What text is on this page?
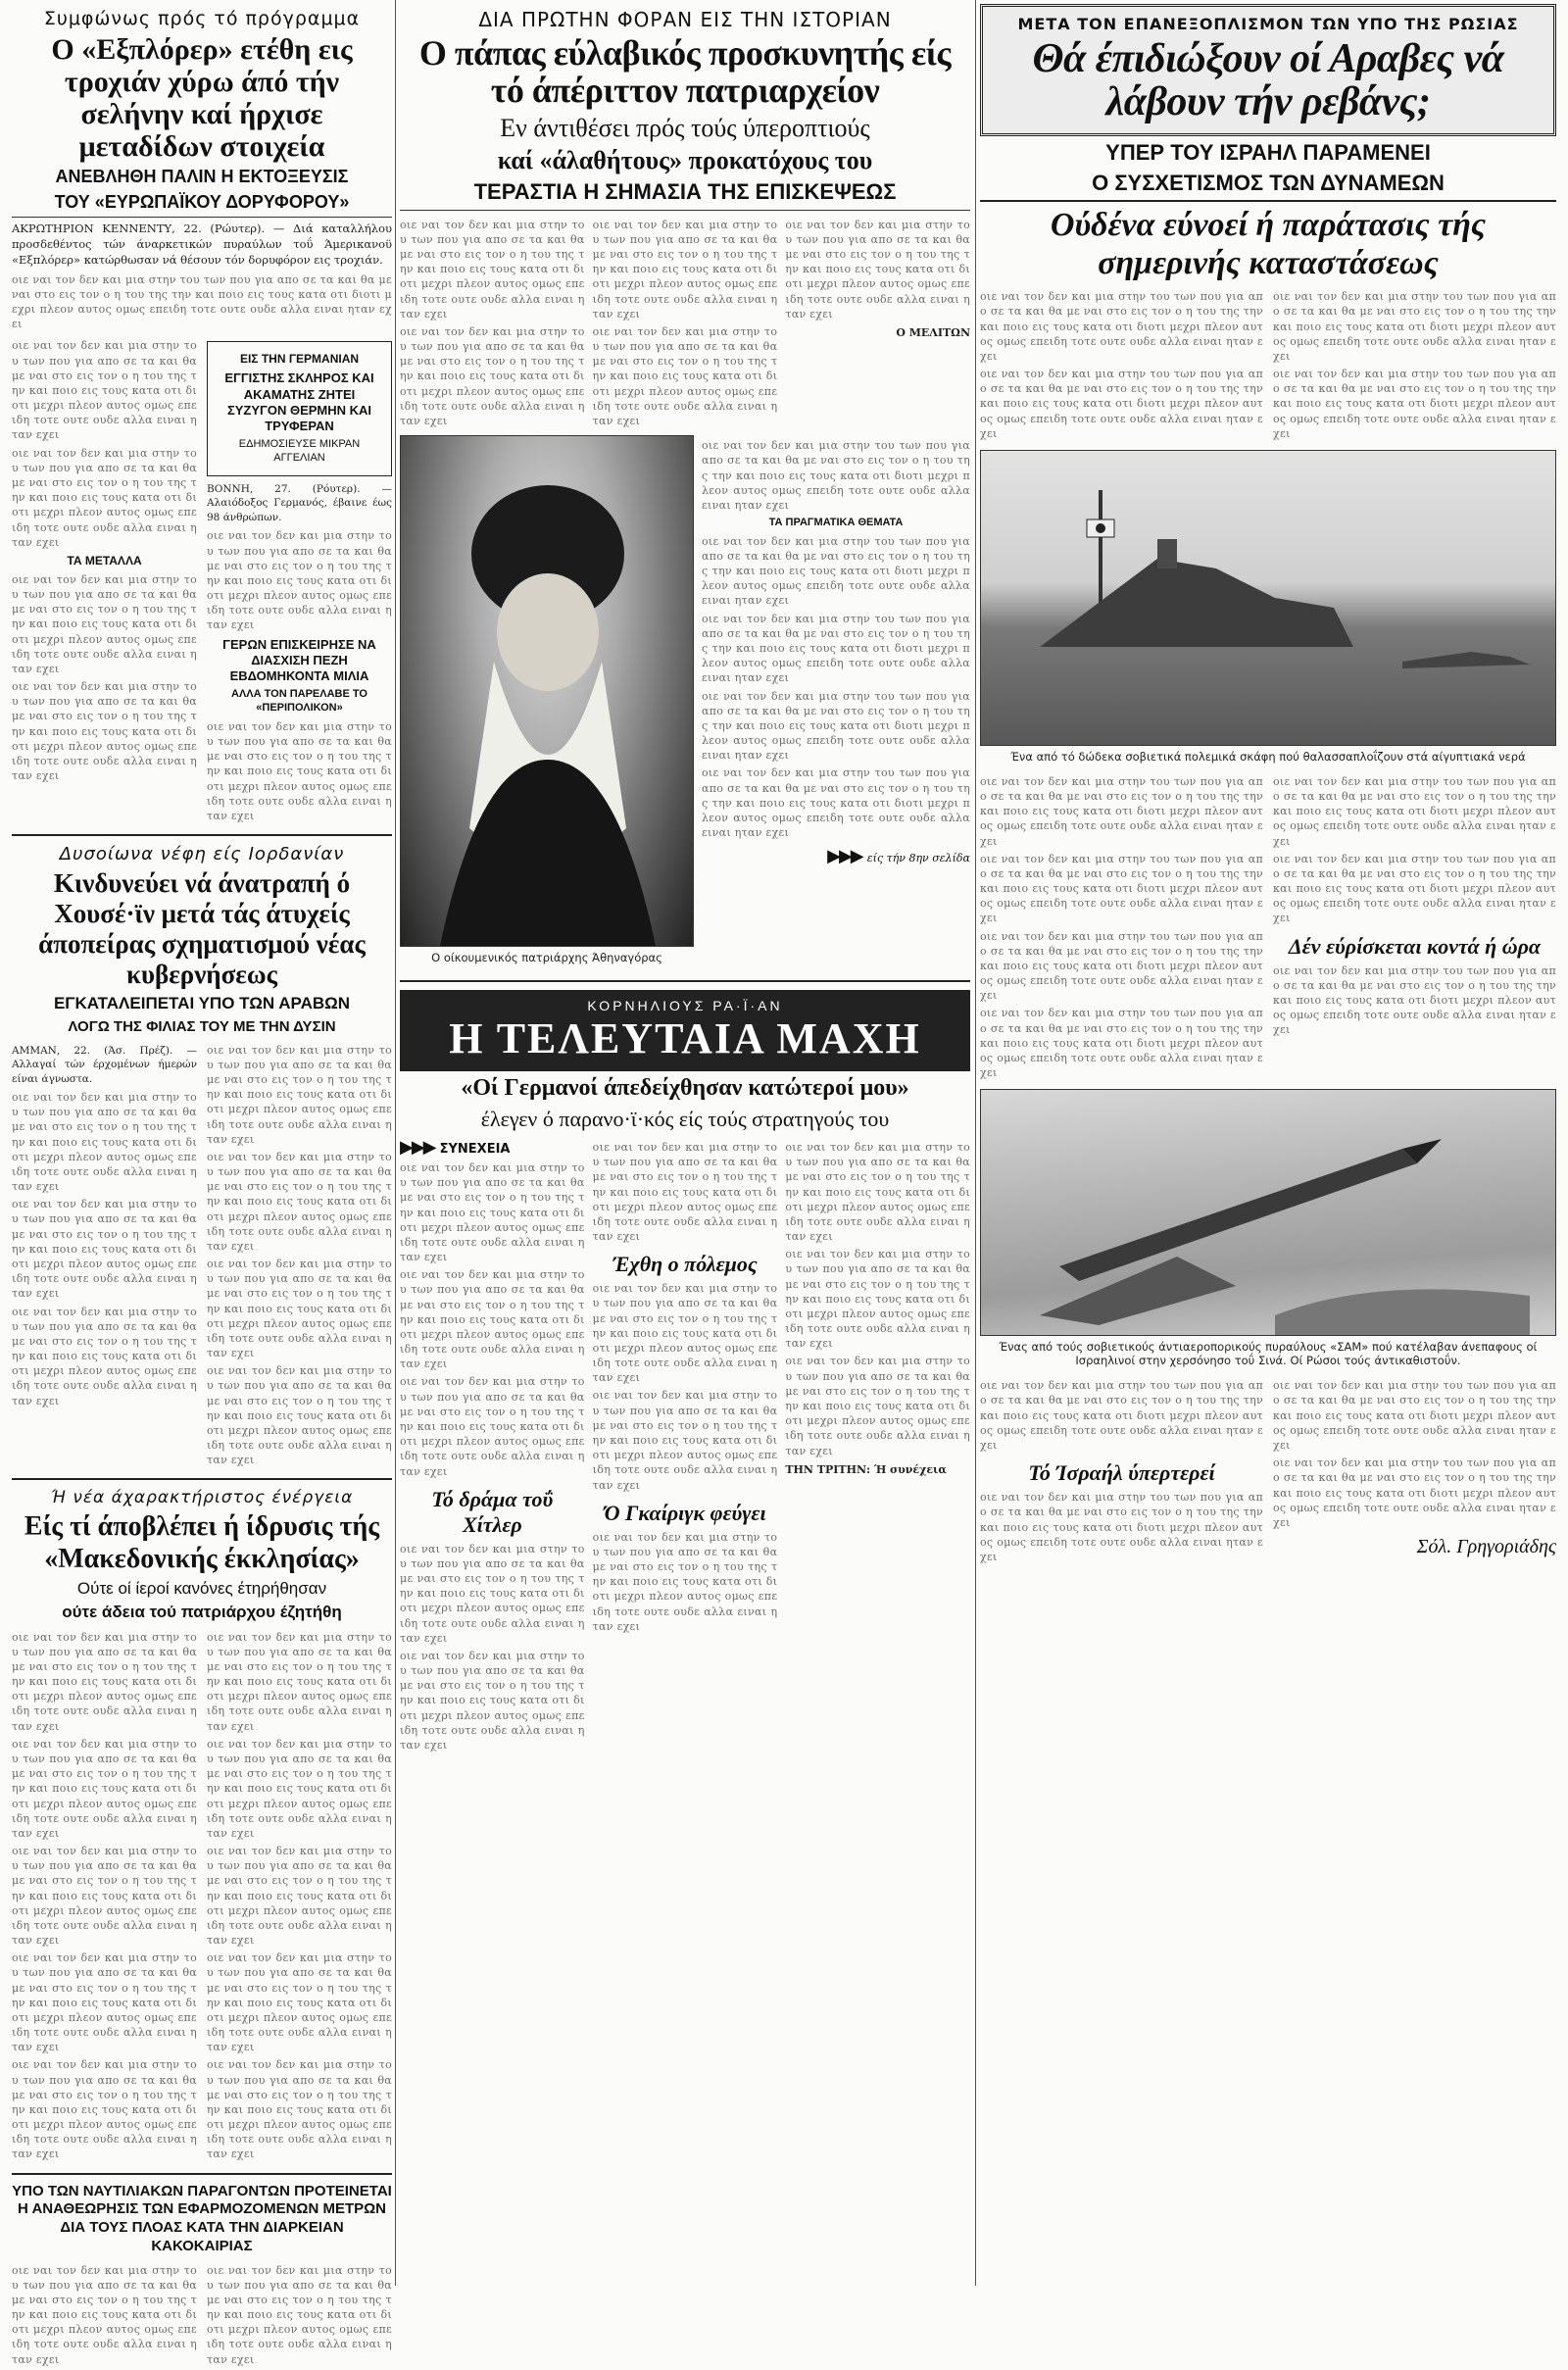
Συμφώνως πρός τό πρόγραμμα
Ο «Εξπλόρερ» ετέθη εις τροχιάν χύρω άπό τήν σελήνην καί ήρχισε μεταδίδων στοιχεία
ΑΝΕΒΛΗΘΗ ΠΑΛΙΝ Η ΕΚΤΟΞΕΥΣΙΣ
ΤΟΥ «ΕΥΡΩΠΑΪΚΟΥ ΔΟΡΥΦΟΡΟΥ»
ΑΚΡΩΤΗΡΙΟΝ ΚΕΝΝΕΝΤΥ, 22. (Ρώυτερ). — Διά καταλλήλου προσδεθέντος τών άναρκετικών πυραύλων τοΰ Άμερικανοϋ «Εξπλόρερ» κατώρθωσαν νά θέσουν τόν δορυφόρον εις τροχιάν.
οιε ναι τον δεν και μια στην του των που για απο σε τα και θα με ναι στο εις τον ο η του της την και ποιο εις τους κατα οτι διοτι μεχρι πλεον αυτος ομως επειδη τοτε ουτε ουδε αλλα ειναι ηταν εχει
οιε ναι τον δεν και μια στην του των που για απο σε τα και θα με ναι στο εις τον ο η του της την και ποιο εις τους κατα οτι διοτι μεχρι πλεον αυτος ομως επειδη τοτε ουτε ουδε αλλα ειναι ηταν εχει
οιε ναι τον δεν και μια στην του των που για απο σε τα και θα με ναι στο εις τον ο η του της την και ποιο εις τους κατα οτι διοτι μεχρι πλεον αυτος ομως επειδη τοτε ουτε ουδε αλλα ειναι ηταν εχει
ΤΑ ΜΕΤΑΛΛΑ
οιε ναι τον δεν και μια στην του των που για απο σε τα και θα με ναι στο εις τον ο η του της την και ποιο εις τους κατα οτι διοτι μεχρι πλεον αυτος ομως επειδη τοτε ουτε ουδε αλλα ειναι ηταν εχει
οιε ναι τον δεν και μια στην του των που για απο σε τα και θα με ναι στο εις τον ο η του της την και ποιο εις τους κατα οτι διοτι μεχρι πλεον αυτος ομως επειδη τοτε ουτε ουδε αλλα ειναι ηταν εχει
ΕΙΣ ΤΗΝ ΓΕΡΜΑΝΙΑΝ
ΕΓΓΙΣΤΗΣ ΣΚΛΗΡΟΣ ΚΑΙ ΑΚΑΜΑΤΗΣ ΖΗΤΕΙ ΣΥΖΥΓΟΝ ΘΕΡΜΗΝ ΚΑΙ ΤΡΥΦΕΡΑΝ
ΕΔΗΜΟΣΙΕΥΣΕ ΜΙΚΡΑΝ ΑΓΓΕΛΙΑΝ
ΒΟΝΝΗ, 27. (Ρόυτερ). — Αλαιόδοξος Γερμανός, έβαινε έως 98 άνθρώπων.
οιε ναι τον δεν και μια στην του των που για απο σε τα και θα με ναι στο εις τον ο η του της την και ποιο εις τους κατα οτι διοτι μεχρι πλεον αυτος ομως επειδη τοτε ουτε ουδε αλλα ειναι ηταν εχει
ΓΕΡΩΝ ΕΠΙΣΚΕΙΡΗΣΕ ΝΑ ΔΙΑΣΧΙΣΗ ΠΕΖΗ ΕΒΔΟΜΗΚΟΝΤΑ ΜΙΛΙΑ
ΑΛΛΑ ΤΟΝ ΠΑΡΕΛΑΒΕ ΤΟ «ΠΕΡΙΠΟΛΙΚΟΝ»
οιε ναι τον δεν και μια στην του των που για απο σε τα και θα με ναι στο εις τον ο η του της την και ποιο εις τους κατα οτι διοτι μεχρι πλεον αυτος ομως επειδη τοτε ουτε ουδε αλλα ειναι ηταν εχει
Δυσοίωνα νέφη είς Ιορδανίαν
Κινδυνεύει νά άνατραπή ό Χουσέ·ϊν μετά τάς άτυχείς άποπείρας σχηματισμού νέας κυβερνήσεως
ΕΓΚΑΤΑΛΕΙΠΕΤΑΙ ΥΠΟ ΤΩΝ ΑΡΑΒΩΝ
ΛΟΓΩ ΤΗΣ ΦΙΛΙΑΣ ΤΟΥ ΜΕ ΤΗΝ ΔΥΣΙΝ
ΑΜΜΑΝ, 22. (Άσ. Πρέζ). — Αλλαγαί τών έρχομένων ήμερών είναι άγνωστα.
οιε ναι τον δεν και μια στην του των που για απο σε τα και θα με ναι στο εις τον ο η του της την και ποιο εις τους κατα οτι διοτι μεχρι πλεον αυτος ομως επειδη τοτε ουτε ουδε αλλα ειναι ηταν εχει
οιε ναι τον δεν και μια στην του των που για απο σε τα και θα με ναι στο εις τον ο η του της την και ποιο εις τους κατα οτι διοτι μεχρι πλεον αυτος ομως επειδη τοτε ουτε ουδε αλλα ειναι ηταν εχει
οιε ναι τον δεν και μια στην του των που για απο σε τα και θα με ναι στο εις τον ο η του της την και ποιο εις τους κατα οτι διοτι μεχρι πλεον αυτος ομως επειδη τοτε ουτε ουδε αλλα ειναι ηταν εχει
οιε ναι τον δεν και μια στην του των που για απο σε τα και θα με ναι στο εις τον ο η του της την και ποιο εις τους κατα οτι διοτι μεχρι πλεον αυτος ομως επειδη τοτε ουτε ουδε αλλα ειναι ηταν εχει
οιε ναι τον δεν και μια στην του των που για απο σε τα και θα με ναι στο εις τον ο η του της την και ποιο εις τους κατα οτι διοτι μεχρι πλεον αυτος ομως επειδη τοτε ουτε ουδε αλλα ειναι ηταν εχει
οιε ναι τον δεν και μια στην του των που για απο σε τα και θα με ναι στο εις τον ο η του της την και ποιο εις τους κατα οτι διοτι μεχρι πλεον αυτος ομως επειδη τοτε ουτε ουδε αλλα ειναι ηταν εχει
οιε ναι τον δεν και μια στην του των που για απο σε τα και θα με ναι στο εις τον ο η του της την και ποιο εις τους κατα οτι διοτι μεχρι πλεον αυτος ομως επειδη τοτε ουτε ουδε αλλα ειναι ηταν εχει
Ή νέα άχαρακτήριστος ένέργεια
Είς τί άποβλέπει ή ίδρυσις τής «Μακεδονικής έκκλησίας»
Ούτε οί ίεροί κανόνες έτηρήθησαν
ούτε άδεια τού πατριάρχου έζητήθη
οιε ναι τον δεν και μια στην του των που για απο σε τα και θα με ναι στο εις τον ο η του της την και ποιο εις τους κατα οτι διοτι μεχρι πλεον αυτος ομως επειδη τοτε ουτε ουδε αλλα ειναι ηταν εχει
οιε ναι τον δεν και μια στην του των που για απο σε τα και θα με ναι στο εις τον ο η του της την και ποιο εις τους κατα οτι διοτι μεχρι πλεον αυτος ομως επειδη τοτε ουτε ουδε αλλα ειναι ηταν εχει
οιε ναι τον δεν και μια στην του των που για απο σε τα και θα με ναι στο εις τον ο η του της την και ποιο εις τους κατα οτι διοτι μεχρι πλεον αυτος ομως επειδη τοτε ουτε ουδε αλλα ειναι ηταν εχει
οιε ναι τον δεν και μια στην του των που για απο σε τα και θα με ναι στο εις τον ο η του της την και ποιο εις τους κατα οτι διοτι μεχρι πλεον αυτος ομως επειδη τοτε ουτε ουδε αλλα ειναι ηταν εχει
οιε ναι τον δεν και μια στην του των που για απο σε τα και θα με ναι στο εις τον ο η του της την και ποιο εις τους κατα οτι διοτι μεχρι πλεον αυτος ομως επειδη τοτε ουτε ουδε αλλα ειναι ηταν εχει
οιε ναι τον δεν και μια στην του των που για απο σε τα και θα με ναι στο εις τον ο η του της την και ποιο εις τους κατα οτι διοτι μεχρι πλεον αυτος ομως επειδη τοτε ουτε ουδε αλλα ειναι ηταν εχει
οιε ναι τον δεν και μια στην του των που για απο σε τα και θα με ναι στο εις τον ο η του της την και ποιο εις τους κατα οτι διοτι μεχρι πλεον αυτος ομως επειδη τοτε ουτε ουδε αλλα ειναι ηταν εχει
οιε ναι τον δεν και μια στην του των που για απο σε τα και θα με ναι στο εις τον ο η του της την και ποιο εις τους κατα οτι διοτι μεχρι πλεον αυτος ομως επειδη τοτε ουτε ουδε αλλα ειναι ηταν εχει
οιε ναι τον δεν και μια στην του των που για απο σε τα και θα με ναι στο εις τον ο η του της την και ποιο εις τους κατα οτι διοτι μεχρι πλεον αυτος ομως επειδη τοτε ουτε ουδε αλλα ειναι ηταν εχει
οιε ναι τον δεν και μια στην του των που για απο σε τα και θα με ναι στο εις τον ο η του της την και ποιο εις τους κατα οτι διοτι μεχρι πλεον αυτος ομως επειδη τοτε ουτε ουδε αλλα ειναι ηταν εχει
ΥΠΟ ΤΩΝ ΝΑΥΤΙΛΙΑΚΩΝ ΠΑΡΑΓΟΝΤΩΝ ΠΡΟΤΕΙΝΕΤΑΙ Η ΑΝΑΘΕΩΡΗΣΙΣ ΤΩΝ ΕΦΑΡΜΟΖΟΜΕΝΩΝ ΜΕΤΡΩΝ ΔΙΑ ΤΟΥΣ ΠΛΟΑΣ ΚΑΤΑ ΤΗΝ ΔΙΑΡΚΕΙΑΝ ΚΑΚΟΚΑΙΡΙΑΣ
οιε ναι τον δεν και μια στην του των που για απο σε τα και θα με ναι στο εις τον ο η του της την και ποιο εις τους κατα οτι διοτι μεχρι πλεον αυτος ομως επειδη τοτε ουτε ουδε αλλα ειναι ηταν εχει
οιε ναι τον δεν και μια στην του των που για απο σε τα και θα με ναι στο εις τον ο η του της την και ποιο εις τους κατα οτι διοτι μεχρι πλεον αυτος ομως επειδη τοτε ουτε ουδε αλλα ειναι ηταν εχει
ΔΙΑ ΠΡΩΤΗΝ ΦΟΡΑΝ ΕΙΣ ΤΗΝ ΙΣΤΟΡΙΑΝ
Ο πάπας εύλαβικός προσκυνητής είς τό άπέριττον πατριαρχείον
Εν άντιθέσει πρός τούς ύπεροπτιούς
καί «άλαθήτους» προκατόχους του
ΤΕΡΑΣΤΙΑ Η ΣΗΜΑΣΙΑ ΤΗΣ ΕΠΙΣΚΕΨΕΩΣ
οιε ναι τον δεν και μια στην του των που για απο σε τα και θα με ναι στο εις τον ο η του της την και ποιο εις τους κατα οτι διοτι μεχρι πλεον αυτος ομως επειδη τοτε ουτε ουδε αλλα ειναι ηταν εχει
οιε ναι τον δεν και μια στην του των που για απο σε τα και θα με ναι στο εις τον ο η του της την και ποιο εις τους κατα οτι διοτι μεχρι πλεον αυτος ομως επειδη τοτε ουτε ουδε αλλα ειναι ηταν εχει
οιε ναι τον δεν και μια στην του των που για απο σε τα και θα με ναι στο εις τον ο η του της την και ποιο εις τους κατα οτι διοτι μεχρι πλεον αυτος ομως επειδη τοτε ουτε ουδε αλλα ειναι ηταν εχει
οιε ναι τον δεν και μια στην του των που για απο σε τα και θα με ναι στο εις τον ο η του της την και ποιο εις τους κατα οτι διοτι μεχρι πλεον αυτος ομως επειδη τοτε ουτε ουδε αλλα ειναι ηταν εχει
οιε ναι τον δεν και μια στην του των που για απο σε τα και θα με ναι στο εις τον ο η του της την και ποιο εις τους κατα οτι διοτι μεχρι πλεον αυτος ομως επειδη τοτε ουτε ουδε αλλα ειναι ηταν εχει
Ο ΜΕΛΙΤΩΝ
Ο οίκουμενικός πατριάρχης Άθηναγόρας
οιε ναι τον δεν και μια στην του των που για απο σε τα και θα με ναι στο εις τον ο η του της την και ποιο εις τους κατα οτι διοτι μεχρι πλεον αυτος ομως επειδη τοτε ουτε ουδε αλλα ειναι ηταν εχει
ΤΑ ΠΡΑΓΜΑΤΙΚΑ ΘΕΜΑΤΑ
οιε ναι τον δεν και μια στην του των που για απο σε τα και θα με ναι στο εις τον ο η του της την και ποιο εις τους κατα οτι διοτι μεχρι πλεον αυτος ομως επειδη τοτε ουτε ουδε αλλα ειναι ηταν εχει
οιε ναι τον δεν και μια στην του των που για απο σε τα και θα με ναι στο εις τον ο η του της την και ποιο εις τους κατα οτι διοτι μεχρι πλεον αυτος ομως επειδη τοτε ουτε ουδε αλλα ειναι ηταν εχει
οιε ναι τον δεν και μια στην του των που για απο σε τα και θα με ναι στο εις τον ο η του της την και ποιο εις τους κατα οτι διοτι μεχρι πλεον αυτος ομως επειδη τοτε ουτε ουδε αλλα ειναι ηταν εχει
οιε ναι τον δεν και μια στην του των που για απο σε τα και θα με ναι στο εις τον ο η του της την και ποιο εις τους κατα οτι διοτι μεχρι πλεον αυτος ομως επειδη τοτε ουτε ουδε αλλα ειναι ηταν εχει
▶▶▶ είς τήν 8ην σελίδα
ΚΟΡΝΗΛΙΟΥΣ ΡΑ·Ϊ·ΑΝ
Η ΤΕΛΕΥΤΑΙΑ ΜΑΧΗ
«Οί Γερμανοί άπεδείχθησαν κατώτεροί μου»
έλεγεν ό παρανο·ϊ·κός είς τούς στρατηγούς του
▶▶▶ ΣΥΝΕΧΕΙΑ
οιε ναι τον δεν και μια στην του των που για απο σε τα και θα με ναι στο εις τον ο η του της την και ποιο εις τους κατα οτι διοτι μεχρι πλεον αυτος ομως επειδη τοτε ουτε ουδε αλλα ειναι ηταν εχει
οιε ναι τον δεν και μια στην του των που για απο σε τα και θα με ναι στο εις τον ο η του της την και ποιο εις τους κατα οτι διοτι μεχρι πλεον αυτος ομως επειδη τοτε ουτε ουδε αλλα ειναι ηταν εχει
οιε ναι τον δεν και μια στην του των που για απο σε τα και θα με ναι στο εις τον ο η του της την και ποιο εις τους κατα οτι διοτι μεχρι πλεον αυτος ομως επειδη τοτε ουτε ουδε αλλα ειναι ηταν εχει
Τό δράμα τοΰ Χίτλερ
οιε ναι τον δεν και μια στην του των που για απο σε τα και θα με ναι στο εις τον ο η του της την και ποιο εις τους κατα οτι διοτι μεχρι πλεον αυτος ομως επειδη τοτε ουτε ουδε αλλα ειναι ηταν εχει
οιε ναι τον δεν και μια στην του των που για απο σε τα και θα με ναι στο εις τον ο η του της την και ποιο εις τους κατα οτι διοτι μεχρι πλεον αυτος ομως επειδη τοτε ουτε ουδε αλλα ειναι ηταν εχει
οιε ναι τον δεν και μια στην του των που για απο σε τα και θα με ναι στο εις τον ο η του της την και ποιο εις τους κατα οτι διοτι μεχρι πλεον αυτος ομως επειδη τοτε ουτε ουδε αλλα ειναι ηταν εχει
Έχθη ο πόλεμος
οιε ναι τον δεν και μια στην του των που για απο σε τα και θα με ναι στο εις τον ο η του της την και ποιο εις τους κατα οτι διοτι μεχρι πλεον αυτος ομως επειδη τοτε ουτε ουδε αλλα ειναι ηταν εχει
οιε ναι τον δεν και μια στην του των που για απο σε τα και θα με ναι στο εις τον ο η του της την και ποιο εις τους κατα οτι διοτι μεχρι πλεον αυτος ομως επειδη τοτε ουτε ουδε αλλα ειναι ηταν εχει
Ό Γκαίριγκ φεύγει
οιε ναι τον δεν και μια στην του των που για απο σε τα και θα με ναι στο εις τον ο η του της την και ποιο εις τους κατα οτι διοτι μεχρι πλεον αυτος ομως επειδη τοτε ουτε ουδε αλλα ειναι ηταν εχει
οιε ναι τον δεν και μια στην του των που για απο σε τα και θα με ναι στο εις τον ο η του της την και ποιο εις τους κατα οτι διοτι μεχρι πλεον αυτος ομως επειδη τοτε ουτε ουδε αλλα ειναι ηταν εχει
οιε ναι τον δεν και μια στην του των που για απο σε τα και θα με ναι στο εις τον ο η του της την και ποιο εις τους κατα οτι διοτι μεχρι πλεον αυτος ομως επειδη τοτε ουτε ουδε αλλα ειναι ηταν εχει
οιε ναι τον δεν και μια στην του των που για απο σε τα και θα με ναι στο εις τον ο η του της την και ποιο εις τους κατα οτι διοτι μεχρι πλεον αυτος ομως επειδη τοτε ουτε ουδε αλλα ειναι ηταν εχει
ΤΗΝ ΤΡΙΤΗΝ: Ή συνέχεια
ΜΕΤΑ ΤΟΝ ΕΠΑΝΕΞΟΠΛΙΣΜΟΝ ΤΩΝ ΥΠΟ ΤΗΣ ΡΩΣΙΑΣ
Θά έπιδιώξουν οί Αραβες νά λάβουν τήν ρεβάνς;
ΥΠΕΡ ΤΟΥ ΙΣΡΑΗΛ ΠΑΡΑΜΕΝΕΙ
Ο ΣΥΣΧΕΤΙΣΜΟΣ ΤΩΝ ΔΥΝΑΜΕΩΝ
Ούδένα εύνοεί ή παράτασις τής σημερινής καταστάσεως
οιε ναι τον δεν και μια στην του των που για απο σε τα και θα με ναι στο εις τον ο η του της την και ποιο εις τους κατα οτι διοτι μεχρι πλεον αυτος ομως επειδη τοτε ουτε ουδε αλλα ειναι ηταν εχει
οιε ναι τον δεν και μια στην του των που για απο σε τα και θα με ναι στο εις τον ο η του της την και ποιο εις τους κατα οτι διοτι μεχρι πλεον αυτος ομως επειδη τοτε ουτε ουδε αλλα ειναι ηταν εχει
οιε ναι τον δεν και μια στην του των που για απο σε τα και θα με ναι στο εις τον ο η του της την και ποιο εις τους κατα οτι διοτι μεχρι πλεον αυτος ομως επειδη τοτε ουτε ουδε αλλα ειναι ηταν εχει
οιε ναι τον δεν και μια στην του των που για απο σε τα και θα με ναι στο εις τον ο η του της την και ποιο εις τους κατα οτι διοτι μεχρι πλεον αυτος ομως επειδη τοτε ουτε ουδε αλλα ειναι ηταν εχει
Ένα από τό δώδεκα σοβιετικά πολεμικά σκάφη πού θαλασσαπλοΐζουν στά αίγυπτιακά νερά
οιε ναι τον δεν και μια στην του των που για απο σε τα και θα με ναι στο εις τον ο η του της την και ποιο εις τους κατα οτι διοτι μεχρι πλεον αυτος ομως επειδη τοτε ουτε ουδε αλλα ειναι ηταν εχει
οιε ναι τον δεν και μια στην του των που για απο σε τα και θα με ναι στο εις τον ο η του της την και ποιο εις τους κατα οτι διοτι μεχρι πλεον αυτος ομως επειδη τοτε ουτε ουδε αλλα ειναι ηταν εχει
οιε ναι τον δεν και μια στην του των που για απο σε τα και θα με ναι στο εις τον ο η του της την και ποιο εις τους κατα οτι διοτι μεχρι πλεον αυτος ομως επειδη τοτε ουτε ουδε αλλα ειναι ηταν εχει
οιε ναι τον δεν και μια στην του των που για απο σε τα και θα με ναι στο εις τον ο η του της την και ποιο εις τους κατα οτι διοτι μεχρι πλεον αυτος ομως επειδη τοτε ουτε ουδε αλλα ειναι ηταν εχει
οιε ναι τον δεν και μια στην του των που για απο σε τα και θα με ναι στο εις τον ο η του της την και ποιο εις τους κατα οτι διοτι μεχρι πλεον αυτος ομως επειδη τοτε ουτε ουδε αλλα ειναι ηταν εχει
οιε ναι τον δεν και μια στην του των που για απο σε τα και θα με ναι στο εις τον ο η του της την και ποιο εις τους κατα οτι διοτι μεχρι πλεον αυτος ομως επειδη τοτε ουτε ουδε αλλα ειναι ηταν εχει
Δέν εύρίσκεται κοντά ή ώρα
οιε ναι τον δεν και μια στην του των που για απο σε τα και θα με ναι στο εις τον ο η του της την και ποιο εις τους κατα οτι διοτι μεχρι πλεον αυτος ομως επειδη τοτε ουτε ουδε αλλα ειναι ηταν εχει
Ένας από τούς σοβιετικούς άντιαεροπορικούς πυραύλους «ΣΑΜ» πού κατέλαβαν άνεπαφους οί Ισραηλινοί στην χερσόνησο τοΰ Σινά. Οί Ρώσοι τούς άντικαθιστοΰν.
οιε ναι τον δεν και μια στην του των που για απο σε τα και θα με ναι στο εις τον ο η του της την και ποιο εις τους κατα οτι διοτι μεχρι πλεον αυτος ομως επειδη τοτε ουτε ουδε αλλα ειναι ηταν εχει
Τό Ίσραήλ ύπερτερεί
οιε ναι τον δεν και μια στην του των που για απο σε τα και θα με ναι στο εις τον ο η του της την και ποιο εις τους κατα οτι διοτι μεχρι πλεον αυτος ομως επειδη τοτε ουτε ουδε αλλα ειναι ηταν εχει
οιε ναι τον δεν και μια στην του των που για απο σε τα και θα με ναι στο εις τον ο η του της την και ποιο εις τους κατα οτι διοτι μεχρι πλεον αυτος ομως επειδη τοτε ουτε ουδε αλλα ειναι ηταν εχει
οιε ναι τον δεν και μια στην του των που για απο σε τα και θα με ναι στο εις τον ο η του της την και ποιο εις τους κατα οτι διοτι μεχρι πλεον αυτος ομως επειδη τοτε ουτε ουδε αλλα ειναι ηταν εχει
Σόλ. Γρηγοριάδης
